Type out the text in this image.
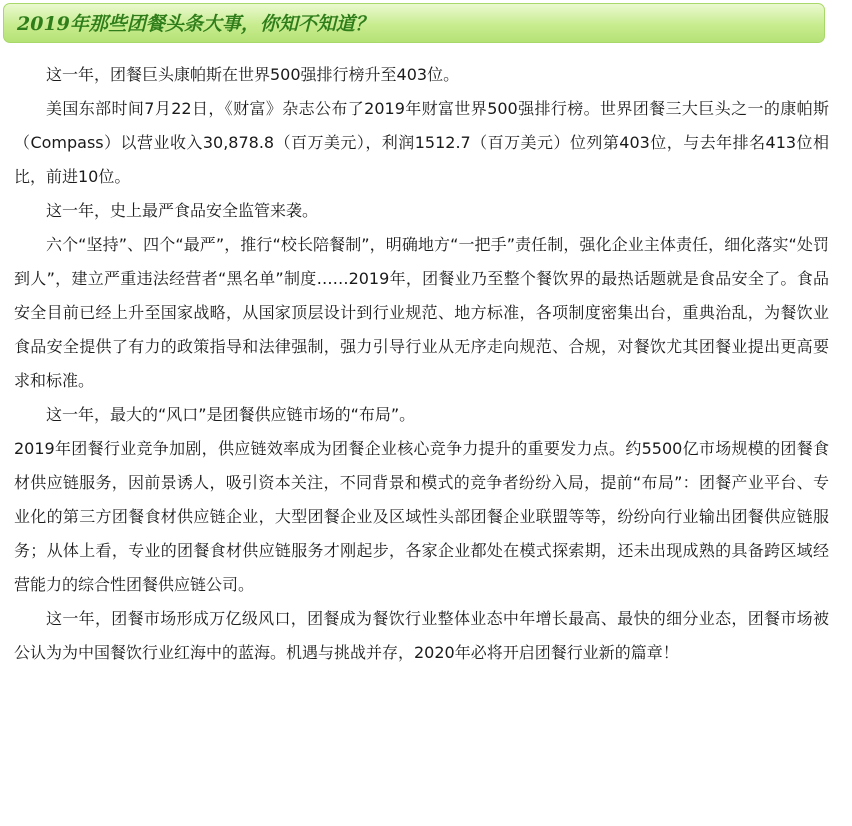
2019年那些团餐头条大事，你知不知道？

这一年，团餐巨头康帕斯在世界500强排行榜升至403位。

美国东部时间7月22日，《财富》杂志公布了2019年财富世界500强排行榜。世界团餐三大巨头之一的康帕斯（Compass）以营业收入30,878.8（百万美元），利润1512.7（百万美元）位列第403位，与去年排名413位相比，前进10位。

这一年，史上最严食品安全监管来袭。

六个“坚持”、四个“最严”，推行“校长陪餐制”，明确地方“一把手”责任制，强化企业主体责任，细化落实“处罚到人”，建立严重违法经营者“黑名单”制度……2019年，团餐业乃至整个餐饮界的最热话题就是食品安全了。食品安全目前已经上升至国家战略，从国家顶层设计到行业规范、地方标准，各项制度密集出台，重典治乱，为餐饮业食品安全提供了有力的政策指导和法律强制，强力引导行业从无序走向规范、合规，对餐饮尤其团餐业提出更高要求和标准。

这一年，最大的“风口”是团餐供应链市场的“布局”。

2019年团餐行业竞争加剧，供应链效率成为团餐企业核心竞争力提升的重要发力点。约5500亿市场规模的团餐食材供应链服务，因前景诱人，吸引资本关注，不同背景和模式的竞争者纷纷入局，提前“布局”：团餐产业平台、专业化的第三方团餐食材供应链企业，大型团餐企业及区域性头部团餐企业联盟等等，纷纷向行业输出团餐供应链服务；从体上看，专业的团餐食材供应链服务才刚起步，各家企业都处在模式探索期，还未出现成熟的具备跨区域经营能力的综合性团餐供应链公司。

这一年，团餐市场形成万亿级风口，团餐成为餐饮行业整体业态中年增长最高、最快的细分业态，团餐市场被公认为为中国餐饮行业红海中的蓝海。机遇与挑战并存，2020年必将开启团餐行业新的篇章！
